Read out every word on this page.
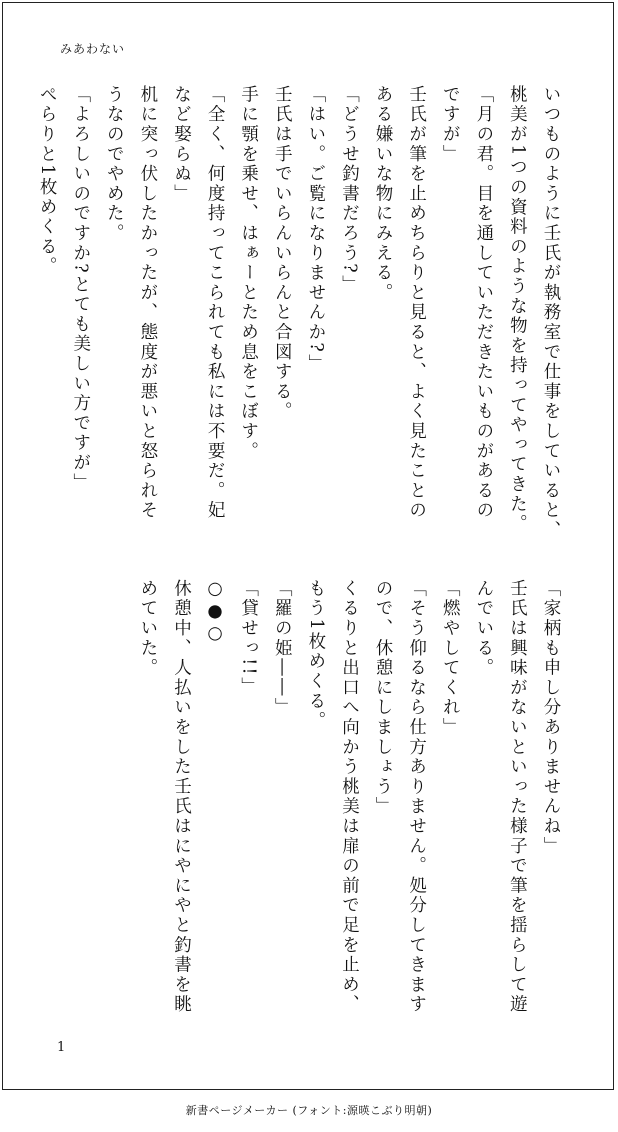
みあわない
いつものように壬氏が執務室で仕事をしていると、
桃美が1つの資料のような物を持ってやってきた。
「月の君。目を通していただきたいものがあるの
ですが」
壬氏が筆を止めちらりと見ると、よく見たことの
ある嫌いな物にみえる。
「どうせ釣書だろう?」
「はい。ご覧になりませんか?」
壬氏は手でいらんいらんと合図する。
手に顎を乗せ、はぁーとため息をこぼす。
「全く、何度持ってこられても私には不要だ。妃
など娶らぬ」
机に突っ伏したかったが、態度が悪いと怒られそ
うなのでやめた。
「よろしいのですか?とても美しい方ですが」
ぺらりと1枚めくる。
「家柄も申し分ありませんね」
壬氏は興味がないといった様子で筆を揺らして遊
んでいる。
「燃やしてくれ」
「そう仰るなら仕方ありません。処分してきます
ので、休憩にしましょう」
くるりと出口へ向かう桃美は扉の前で足を止め、
もう1枚めくる。
「羅の姫――」
「貸せっ!!」
○●○
休憩中、人払いをした壬氏はにやにやと釣書を眺
めていた。
1
新書ページメーカー (フォント:源暎こぶり明朝)
